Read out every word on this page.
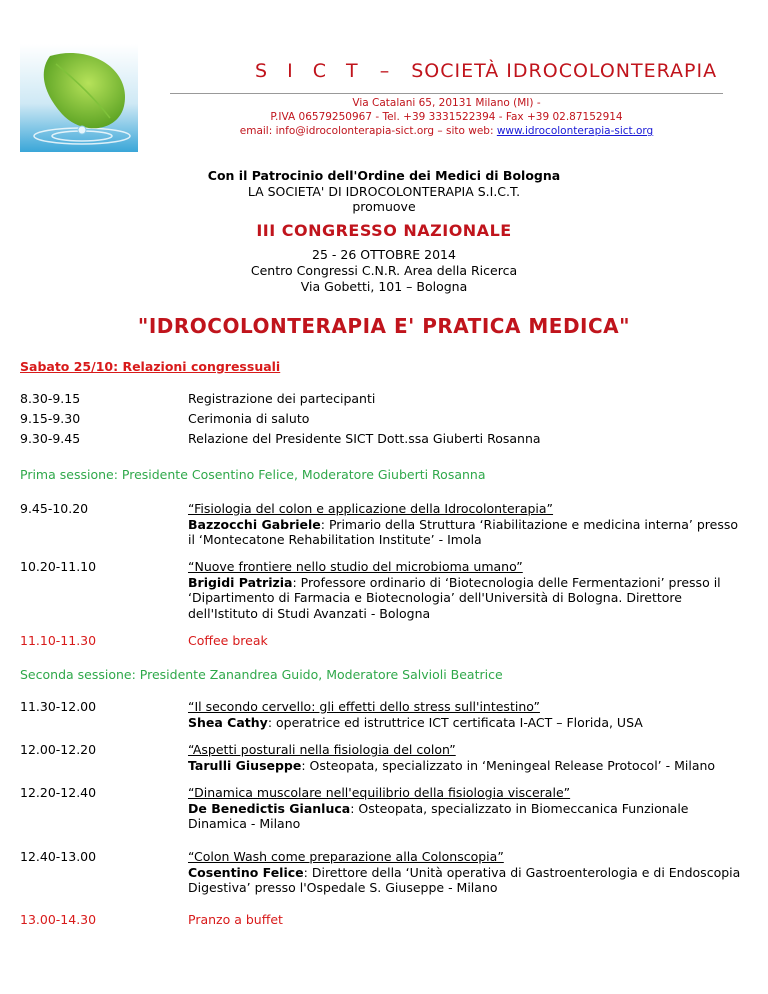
S I C T – SOCIETÀ IDROCOLONTERAPIA
Via Catalani 65, 20131 Milano (MI) -
P.IVA 06579250967 - Tel. +39 3331522394 - Fax +39 02.87152914
email: info@idrocolonterapia-sict.org – sito web: www.idrocolonterapia-sict.org
Con il Patrocinio dell'Ordine dei Medici di Bologna
LA SOCIETA' DI IDROCOLONTERAPIA S.I.C.T.
promuove
III CONGRESSO NAZIONALE
25 - 26 OTTOBRE 2014
Centro Congressi C.N.R. Area della Ricerca
Via Gobetti, 101 – Bologna
"IDROCOLONTERAPIA E' PRATICA MEDICA"
Sabato 25/10: Relazioni congressuali
8.30-9.15	Registrazione dei partecipanti
9.15-9.30	Cerimonia di saluto
9.30-9.45	Relazione del Presidente SICT Dott.ssa Giuberti Rosanna
Prima sessione: Presidente Cosentino Felice, Moderatore Giuberti Rosanna
9.45-10.20	“Fisiologia del colon e applicazione della Idrocolonterapia”
Bazzocchi Gabriele: Primario della Struttura ‘Riabilitazione e medicina interna’ presso il ‘Montecatone Rehabilitation Institute’ - Imola
10.20-11.10	“Nuove frontiere nello studio del microbioma umano”
Brigidi Patrizia: Professore ordinario di ‘Biotecnologia delle Fermentazioni’ presso il ‘Dipartimento di Farmacia e Biotecnologia’ dell'Università di Bologna. Direttore dell'Istituto di Studi Avanzati - Bologna
11.10-11.30	Coffee break
Seconda sessione: Presidente Zanandrea Guido, Moderatore Salvioli Beatrice
11.30-12.00	“Il secondo cervello: gli effetti dello stress sull'intestino”
Shea Cathy: operatrice ed istruttrice ICT certificata I-ACT – Florida, USA
12.00-12.20	“Aspetti posturali nella fisiologia del colon”
Tarulli Giuseppe: Osteopata, specializzato in ‘Meningeal Release Protocol’ - Milano
12.20-12.40	“Dinamica muscolare nell'equilibrio della fisiologia viscerale”
De Benedictis Gianluca: Osteopata, specializzato in Biomeccanica Funzionale Dinamica - Milano
12.40-13.00	“Colon Wash come preparazione alla Colonscopia”
Cosentino Felice: Direttore della ‘Unità operativa di Gastroenterologia e di Endoscopia Digestiva’ presso l'Ospedale S. Giuseppe - Milano
13.00-14.30	Pranzo a buffet
